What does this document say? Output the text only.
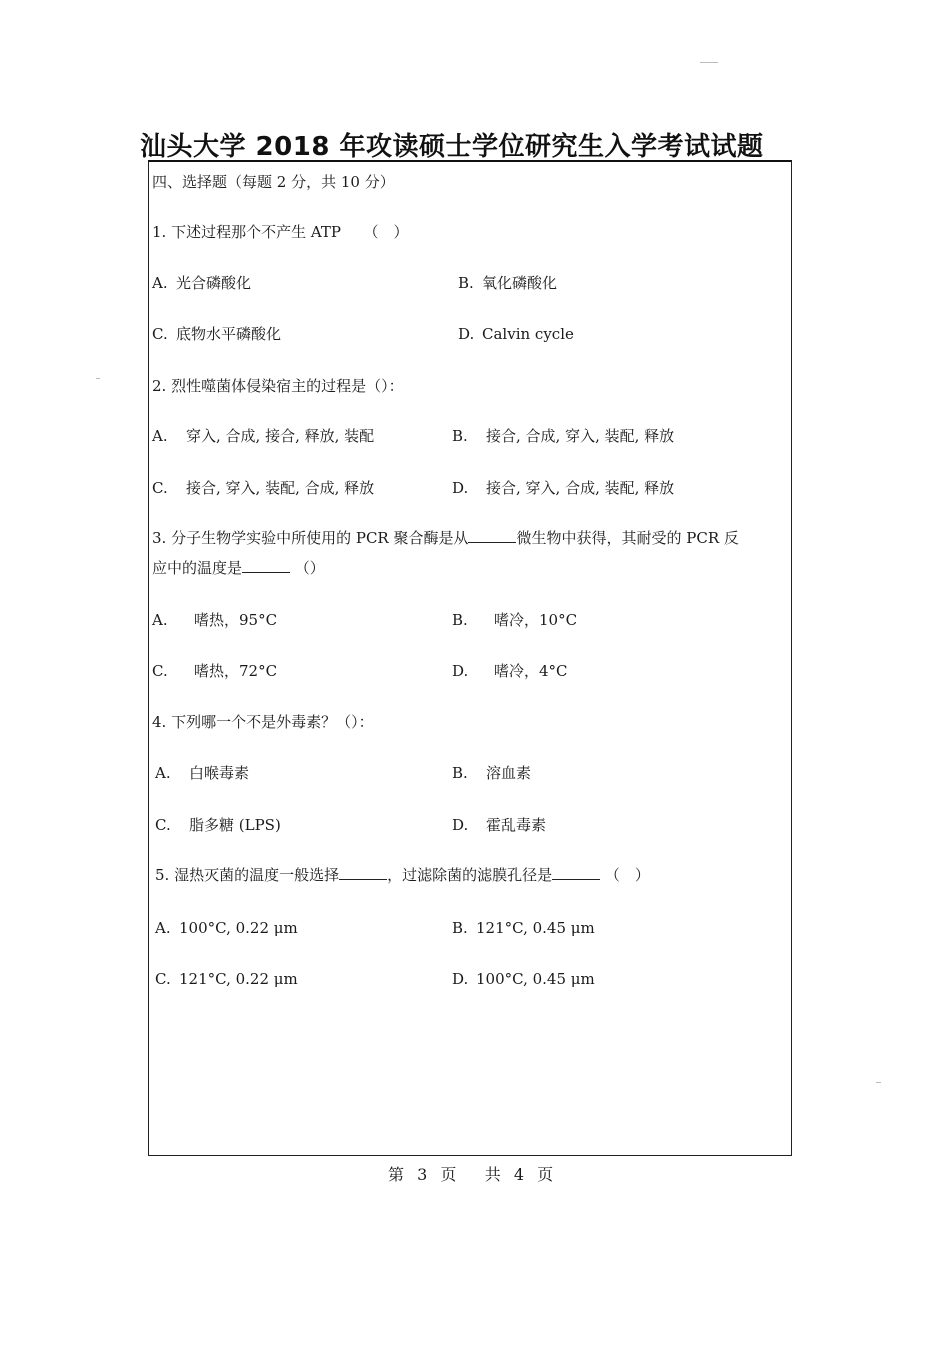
汕头大学 2018 年攻读硕士学位研究生入学考试试题
四、选择题（每题 2 分，共 10 分）
1. 下述过程那个不产生 ATP　　（　）
A. 光合磷酸化	B. 氧化磷酸化
C. 底物水平磷酸化	D. Calvin cycle
2. 烈性噬菌体侵染宿主的过程是（）：
A. 穿入, 合成, 接合, 释放, 装配	B. 接合, 合成, 穿入, 装配, 释放
C. 接合, 穿入, 装配, 合成, 释放	D. 接合, 穿入, 合成, 装配, 释放
3. 分子生物学实验中所使用的 PCR 聚合酶是从	微生物中获得，其耐受的 PCR 反
应中的温度是	（）
A. 嗜热，95°C	B. 嗜冷，10°C
C. 嗜热，72°C	D. 嗜冷，4°C
4. 下列哪一个不是外毒素？（）：
A. 白喉毒素	B. 溶血素
C. 脂多糖 (LPS)	D. 霍乱毒素
5. 湿热灭菌的温度一般选择	，过滤除菌的滤膜孔径是	（　）
A. 100°C, 0.22 μm	B. 121°C, 0.45 μm
C. 121°C, 0.22 μm	D. 100°C, 0.45 μm
第 3 页 共 4 页
